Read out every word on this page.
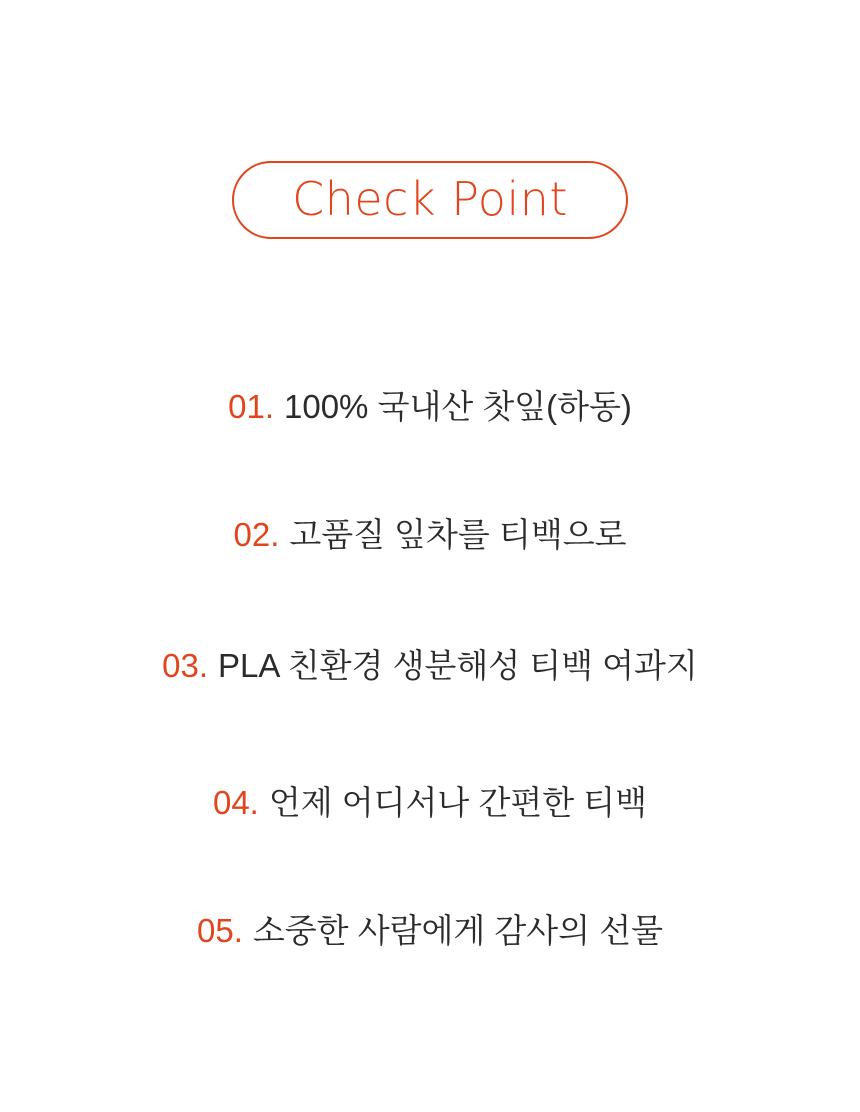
Check Point
01. 100% 국내산 찻잎(하동)
02. 고품질 잎차를 티백으로
03. PLA 친환경 생분해성 티백 여과지
04. 언제 어디서나 간편한 티백
05. 소중한 사람에게 감사의 선물
